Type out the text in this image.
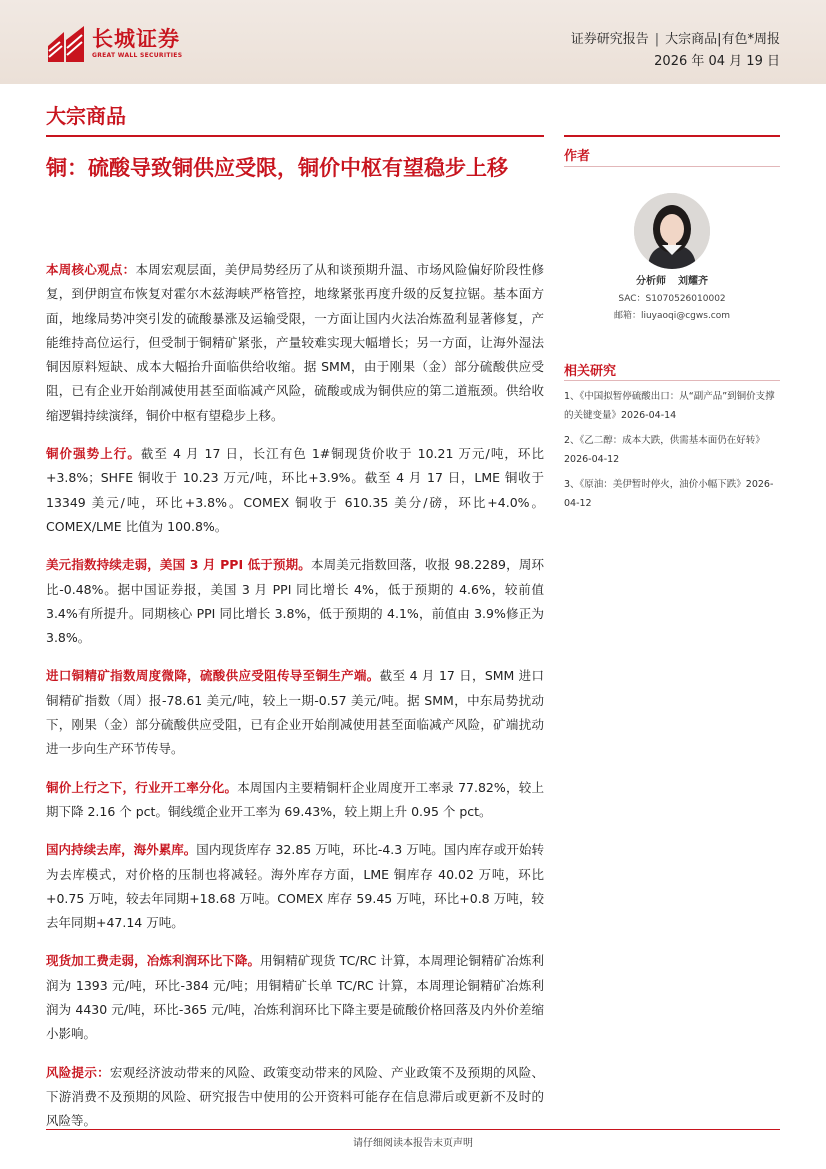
长城证券
GREAT WALL SECURITIES
证券研究报告 | 大宗商品|有色*周报
2026 年 04 月 19 日
大宗商品
铜：硫酸导致铜供应受限，铜价中枢有望稳步上移

本周核心观点：本周宏观层面，美伊局势经历了从和谈预期升温、市场风险偏好阶段性修复，到伊朗宣布恢复对霍尔木兹海峡严格管控，地缘紧张再度升级的反复拉锯。基本面方面，地缘局势冲突引发的硫酸暴涨及运输受限，一方面让国内火法冶炼盈利显著修复，产能维持高位运行，但受制于铜精矿紧张，产量较难实现大幅增长；另一方面，让海外湿法铜因原料短缺、成本大幅抬升面临供给收缩。据 SMM，由于刚果（金）部分硫酸供应受阻，已有企业开始削减使用甚至面临减产风险，硫酸或成为铜供应的第二道瓶颈。供给收缩逻辑持续演绎，铜价中枢有望稳步上移。

铜价强势上行。截至 4 月 17 日，长江有色 1#铜现货价收于 10.21 万元/吨，环比+3.8%；SHFE 铜收于 10.23 万元/吨，环比+3.9%。截至 4 月 17 日，LME 铜收于 13349 美元/吨，环比+3.8%。COMEX 铜收于 610.35 美分/磅，环比+4.0%。COMEX/LME 比值为 100.8%。

美元指数持续走弱，美国 3 月 PPI 低于预期。本周美元指数回落，收报 98.2289，周环比-0.48%。据中国证券报，美国 3 月 PPI 同比增长 4%，低于预期的 4.6%，较前值 3.4%有所提升。同期核心 PPI 同比增长 3.8%，低于预期的 4.1%，前值由 3.9%修正为 3.8%。

进口铜精矿指数周度微降，硫酸供应受阻传导至铜生产端。截至 4 月 17 日，SMM 进口铜精矿指数（周）报-78.61 美元/吨，较上一期-0.57 美元/吨。据 SMM，中东局势扰动下，刚果（金）部分硫酸供应受阻，已有企业开始削减使用甚至面临减产风险，矿端扰动进一步向生产环节传导。

铜价上行之下，行业开工率分化。本周国内主要精铜杆企业周度开工率录 77.82%，较上期下降 2.16 个 pct。铜线缆企业开工率为 69.43%，较上期上升 0.95 个 pct。

国内持续去库，海外累库。国内现货库存 32.85 万吨，环比-4.3 万吨。国内库存或开始转为去库模式，对价格的压制也将减轻。海外库存方面，LME 铜库存 40.02 万吨，环比+0.75 万吨，较去年同期+18.68 万吨。COMEX 库存 59.45 万吨，环比+0.8 万吨，较去年同期+47.14 万吨。

现货加工费走弱，冶炼利润环比下降。用铜精矿现货 TC/RC 计算，本周理论铜精矿冶炼利润为 1393 元/吨，环比-384 元/吨；用铜精矿长单 TC/RC 计算，本周理论铜精矿冶炼利润为 4430 元/吨，环比-365 元/吨，冶炼利润环比下降主要是硫酸价格回落及内外价差缩小影响。

风险提示：宏观经济波动带来的风险、政策变动带来的风险、产业政策不及预期的风险、下游消费不及预期的风险、研究报告中使用的公开资料可能存在信息滞后或更新不及时的风险等。

作者
分析师 刘耀齐
SAC：S1070526010002
邮箱：liuyaoqi@cgws.com
相关研究
1、《中国拟暂停硫酸出口：从“副产品”到铜价支撑的关键变量》2026-04-14
2、《乙二醇：成本大跌，供需基本面仍在好转》2026-04-12
3、《原油：美伊暂时停火，油价小幅下跌》2026-04-12
请仔细阅读本报告末页声明
